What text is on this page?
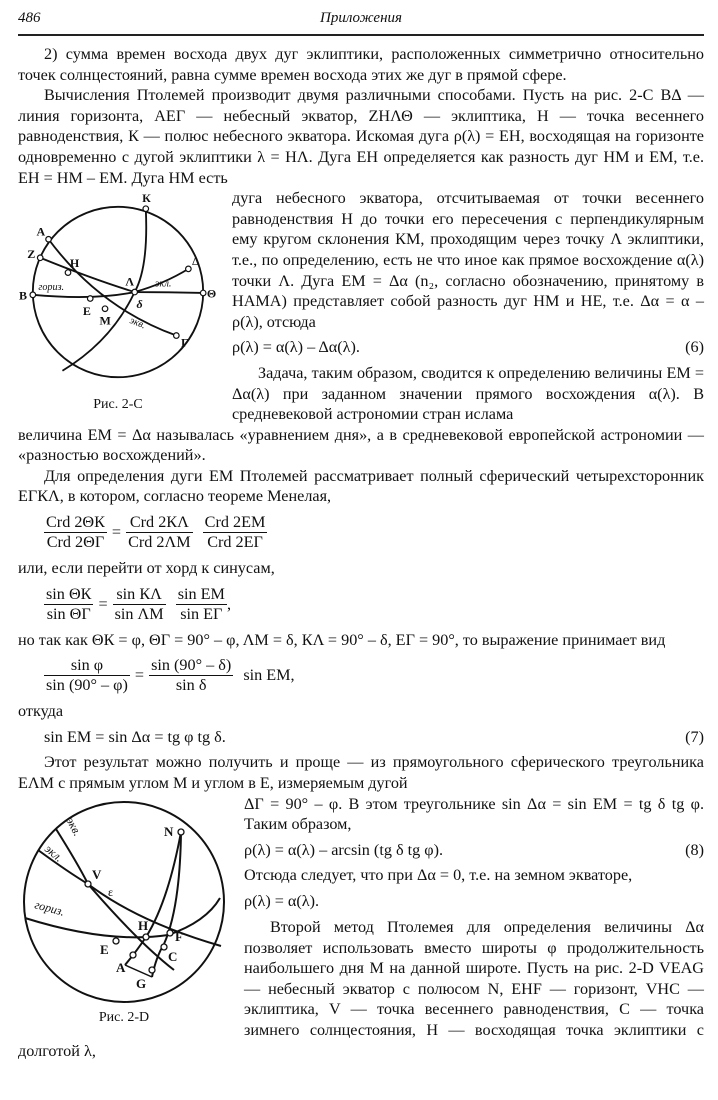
486	Приложения

2) сумма времен восхода двух дуг эклиптики, расположенных симметрично относительно точек солнцестояний, равна сумме времен восхода этих же дуг в прямой сфере.

Вычисления Птолемей производит двумя различными способами. Пусть на рис. 2-С ВΔ — линия горизонта, АЕГ — небесный экватор, ZНΛΘ — эклиптика, Н — точка весеннего равноденствия, К — полюс небесного экватора. Искомая дуга ρ(λ) = ЕН, восходящая на горизонте одновременно с дугой эклиптики λ = НΛ. Дуга ЕН определяется как разность дуг НМ и ЕМ, т.е. ЕН = НМ – ЕМ. Дуга НМ есть

К
А
Z
Н
В
Е
Λ
Δ
М
Г
δ
Θ
гориз.	экл.
экв.
Рис. 2-С

дуга небесного экватора, отсчитываемая от точки весеннего равноденствия Н до точки его пересечения с перпендикулярным ему кругом склонения КМ, проходящим через точку Λ эклиптики, т.е., по определению, есть не что иное как прямое восхождение α(λ) точки Λ. Дуга ЕМ = Δα (n₂, согласно обозначению, принятому в НАМА) представляет собой разность дуг НМ и НЕ, т.е. Δα = α – ρ(λ), отсюда

ρ(λ) = α(λ) – Δα(λ).	(6)

Задача, таким образом, сводится к определению величины ЕМ = Δα(λ) при заданном значении прямого восхождения α(λ). В средневековой астрономии стран ислама

величина ЕМ = Δα называлась «уравнением дня», а в средневековой европейской астрономии — «разностью восхождений».

Для определения дуги ЕМ Птолемей рассматривает полный сферический четырехсторонник ЕГКΛ, в котором, согласно теореме Менелая,

$\frac{\text{Crd 2ΘК}}{\text{Crd 2ΘГ}} = \frac{\text{Crd 2КΛ}}{\text{Crd 2ΛМ}}$
$\frac{\text{Crd 2ЕМ}}{\text{Crd 2ЕГ}}$

или, если перейти от хорд к синусам,

$\frac{\text{sin ΘК}}{\text{sin ΘГ}} = \frac{\text{sin КΛ}}{\text{sin ΛМ}}$
$\frac{\text{sin ЕМ}}{\text{sin ЕГ}}$ ,

но так как ΘК = φ, ΘГ = 90° – φ, ΛМ = δ, КΛ = 90° – δ, ЕГ = 90°, то выражение принимает вид

$\frac{\text{sin φ}}{\sin (90^\circ - \varphi)} = \frac{\sin (90^\circ - \delta)}{\text{sin δ}}$ sin ЕМ,

откуда

sin ЕМ = sin Δα = tg φ tg δ.	(7)

Этот результат можно получить и проще — из прямоугольного сферического треугольника ЕΛМ с прямым углом М и углом в Е, измеряемым дугой

N
V
H
F
E
A
C
G
ε
экв.
экл.
гориз.
Рис. 2-D

ΔГ = 90° – φ. В этом треугольнике sin Δα = sin ЕМ = tg δ tg φ. Таким образом,

ρ(λ) = α(λ) – arcsin (tg δ tg φ).	(8)

Отсюда следует, что при Δα = 0, т.е. на земном экваторе,

ρ(λ) = α(λ).

Второй метод Птолемея для определения величины Δα позволяет использовать вместо широты φ продолжительность наибольшего дня M на данной широте. Пусть на рис. 2-D VEAG — небесный экватор с полюсом N, EHF — горизонт, VHC — эклиптика, V — точка весеннего равноденствия, C — точка зимнего солнцестояния, H — восходящая точка эклиптики с долготой λ,
